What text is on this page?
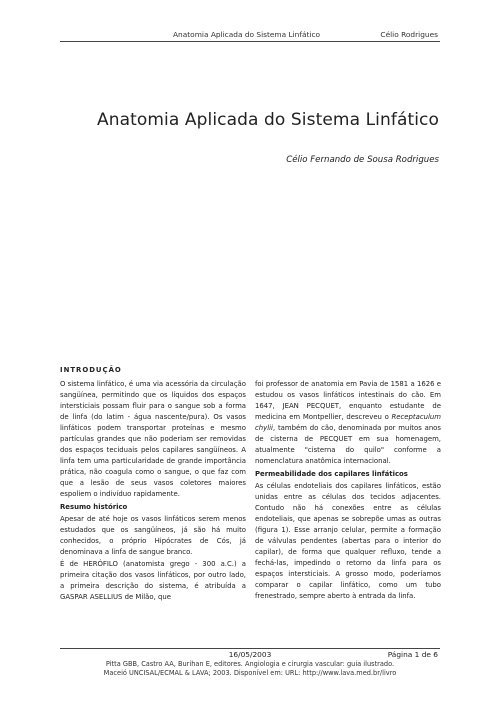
Anatomia Aplicada do Sistema Linfático	Célio Rodrigues
Anatomia Aplicada do Sistema Linfático
Célio Fernando de Sousa Rodrigues

INTRODUÇÃO

O sistema linfático, é uma via acessória da circulação sangüínea, permitindo que os líquidos dos espaços intersticiais possam fluir para o sangue sob a forma de linfa (do latim - água nascente/pura). Os vasos linfáticos podem transportar proteínas e mesmo partículas grandes que não poderiam ser removidas dos espaços teciduais pelos capilares sangüíneos. A linfa tem uma particularidade de grande importância prática, não coagula como o sangue, o que faz com que a lesão de seus vasos coletores maiores espoliem o indivíduo rapidamente.

Resumo histórico

Apesar de até hoje os vasos linfáticos serem menos estudados que os sangüíneos, já são há muito conhecidos, o próprio Hipócrates de Cós, já denominava a linfa de sangue branco.

É de HERÓFILO (anatomista grego - 300 a.C.) a primeira citação dos vasos linfáticos, por outro lado, a primeira descrição do sistema, é atribuída a GASPAR ASELLIUS de Milão, que

foi professor de anatomia em Pavia de 1581 a 1626 e estudou os vasos linfáticos intestinais do cão. Em 1647, JEAN PECQUET, enquanto estudante de medicina em Montpellier, descreveu o Receptaculum chylii, também do cão, denominada por muitos anos de cisterna de PECQUET em sua homenagem, atualmente "cisterna do quilo" conforme a nomenclatura anatômica internacional.

Permeabilidade dos capilares linfáticos

As células endoteliais dos capilares linfáticos, estão unidas entre as células dos tecidos adjacentes. Contudo não há conexões entre as células endoteliais, que apenas se sobrepõe umas as outras (figura 1). Esse arranjo celular, permite a formação de válvulas pendentes (abertas para o interior do capilar), de forma que qualquer refluxo, tende a fechá-las, impedindo o retorno da linfa para os espaços intersticiais. A grosso modo, poderíamos comparar o capilar linfático, como um tubo frenestrado, sempre aberto à entrada da linfa.

16/05/2003	Página 1 de 6
Pitta GBB, Castro AA, Burihan E, editores. Angiologia e cirurgia vascular: guia ilustrado.
Maceió UNCISAL/ECMAL & LAVA; 2003. Disponível em: URL: http://www.lava.med.br/livro
